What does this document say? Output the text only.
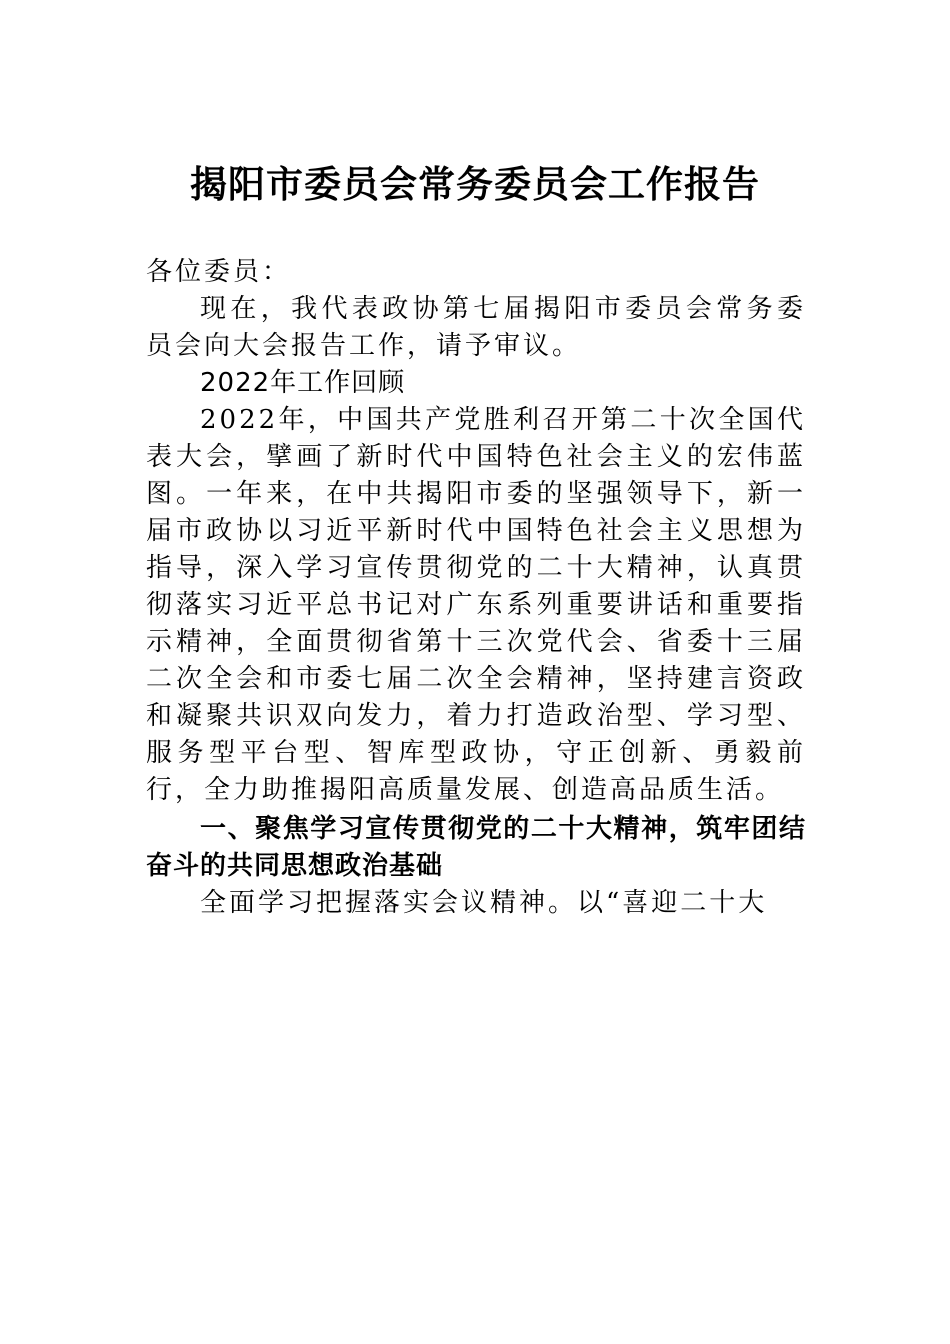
揭阳市委员会常务委员会工作报告

各位委员：

现在，我代表政协第七届揭阳市委员会常务委员会向大会报告工作，请予审议。

2022年工作回顾

2022年，中国共产党胜利召开第二十次全国代表大会，擘画了新时代中国特色社会主义的宏伟蓝图。一年来，在中共揭阳市委的坚强领导下，新一届市政协以习近平新时代中国特色社会主义思想为指导，深入学习宣传贯彻党的二十大精神，认真贯彻落实习近平总书记对广东系列重要讲话和重要指示精神，全面贯彻省第十三次党代会、省委十三届二次全会和市委七届二次全会精神，坚持建言资政和凝聚共识双向发力，着力打造政治型、学习型、服务型平台型、智库型政协，守正创新、勇毅前行，全力助推揭阳高质量发展、创造高品质生活。

一、聚焦学习宣传贯彻党的二十大精神，筑牢团结奋斗的共同思想政治基础

全面学习把握落实会议精神。以“喜迎二十大
